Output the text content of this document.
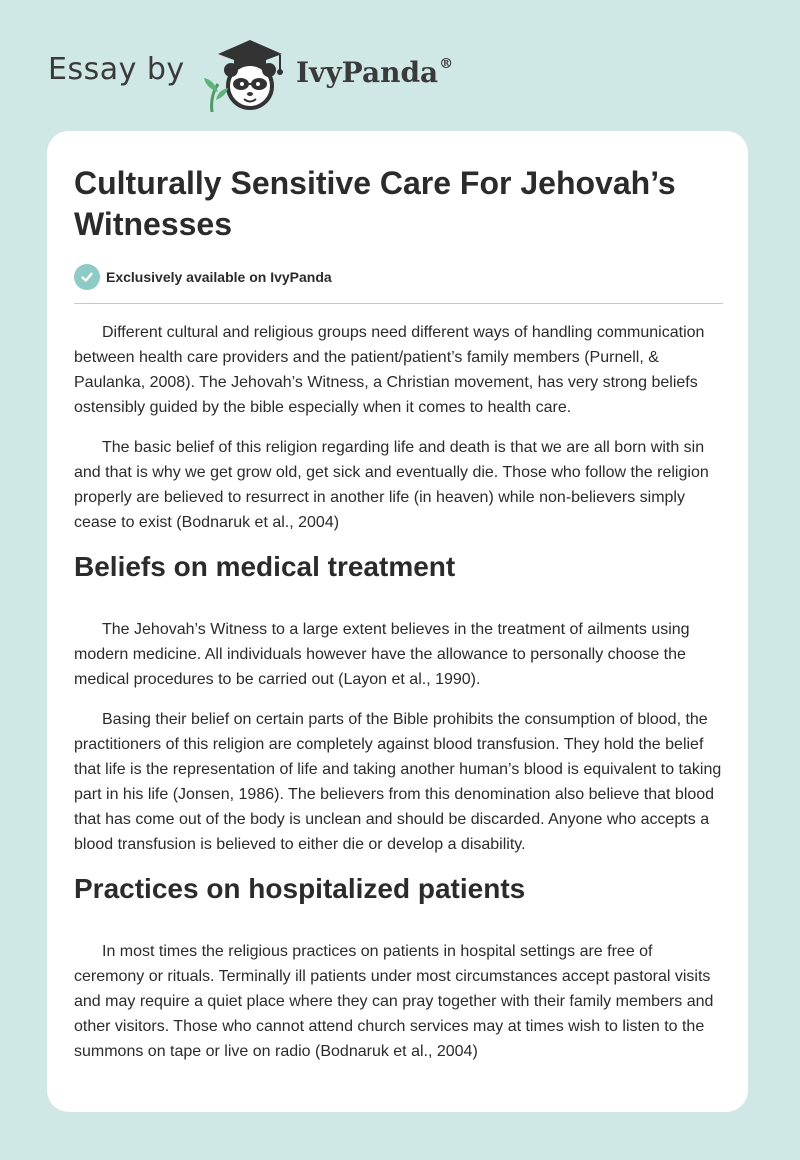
Essay by	IvyPanda®
Culturally Sensitive Care For Jehovah’s Witnesses
Exclusively available on IvyPanda

Different cultural and religious groups need different ways of handling communication between health care providers and the patient/patient’s family members (Purnell, & Paulanka, 2008). The Jehovah’s Witness, a Christian movement, has very strong beliefs ostensibly guided by the bible especially when it comes to health care.

The basic belief of this religion regarding life and death is that we are all born with sin and that is why we get grow old, get sick and eventually die. Those who follow the religion properly are believed to resurrect in another life (in heaven) while non-believers simply cease to exist (Bodnaruk et al., 2004)

Beliefs on medical treatment

The Jehovah’s Witness to a large extent believes in the treatment of ailments using modern medicine. All individuals however have the allowance to personally choose the medical procedures to be carried out (Layon et al., 1990).

Basing their belief on certain parts of the Bible prohibits the consumption of blood, the practitioners of this religion are completely against blood transfusion. They hold the belief that life is the representation of life and taking another human’s blood is equivalent to taking part in his life (Jonsen, 1986). The believers from this denomination also believe that blood that has come out of the body is unclean and should be discarded. Anyone who accepts a blood transfusion is believed to either die or develop a disability.

Practices on hospitalized patients

In most times the religious practices on patients in hospital settings are free of ceremony or rituals. Terminally ill patients under most circumstances accept pastoral visits and may require a quiet place where they can pray together with their family members and other visitors. Those who cannot attend church services may at times wish to listen to the summons on tape or live on radio (Bodnaruk et al., 2004)
